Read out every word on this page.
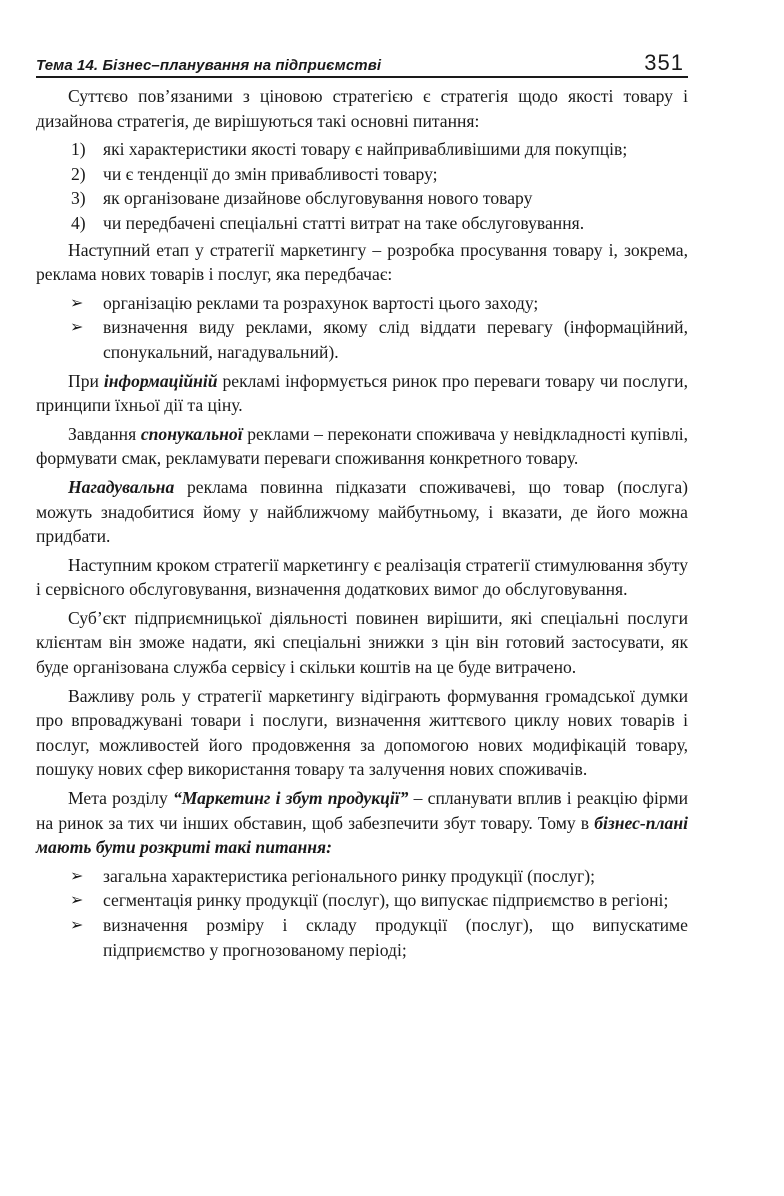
Тема 14. Бізнес–планування на підприємстві	351

Суттєво пов’язаними з ціновою стратегією є стратегія щодо якості товару і дизайнова стратегія, де вирішуються такі основні питання:

1) які характеристики якості товару є найпривабливішими для покупців;
2) чи є тенденції до змін привабливості товару;
3) як організоване дизайнове обслуговування нового товару
4) чи передбачені спеціальні статті витрат на таке обслуговування.

Наступний етап у стратегії маркетингу – розробка просування товару і, зокрема, реклама нових товарів і послуг, яка передбачає:

➢ організацію реклами та розрахунок вартості цього заходу;
➢ визначення виду реклами, якому слід віддати перевагу (інформаційний, спонукальний, нагадувальний).

При інформаційній рекламі інформується ринок про переваги товару чи послуги, принципи їхньої дії та ціну.

Завдання спонукальної реклами – переконати споживача у невідкладності купівлі, формувати смак, рекламувати переваги споживання конкретного товару.

Нагадувальна реклама повинна підказати споживачеві, що товар (послуга) можуть знадобитися йому у найближчому майбутньому, і вказати, де його можна придбати.

Наступним кроком стратегії маркетингу є реалізація стратегії стимулювання збуту і сервісного обслуговування, визначення додаткових вимог до обслуговування.

Суб’єкт підприємницької діяльності повинен вирішити, які спеціальні послуги клієнтам він зможе надати, які спеціальні знижки з цін він готовий застосувати, як буде організована служба сервісу і скільки коштів на це буде витрачено.

Важливу роль у стратегії маркетингу відіграють формування громадської думки про впроваджувані товари і послуги, визначення життєвого циклу нових товарів і послуг, можливостей його продовження за допомогою нових модифікацій товару, пошуку нових сфер використання товару та залучення нових споживачів.

Мета розділу “Маркетинг і збут продукції” – спланувати вплив і реакцію фірми на ринок за тих чи інших обставин, щоб забезпечити збут товару. Тому в бізнес-плані мають бути розкриті такі питання:

➢ загальна характеристика регіонального ринку продукції (послуг);
➢ сегментація ринку продукції (послуг), що випускає підприємство в регіоні;
➢ визначення розміру і складу продукції (послуг), що випускатиме підприємство у прогнозованому періоді;
